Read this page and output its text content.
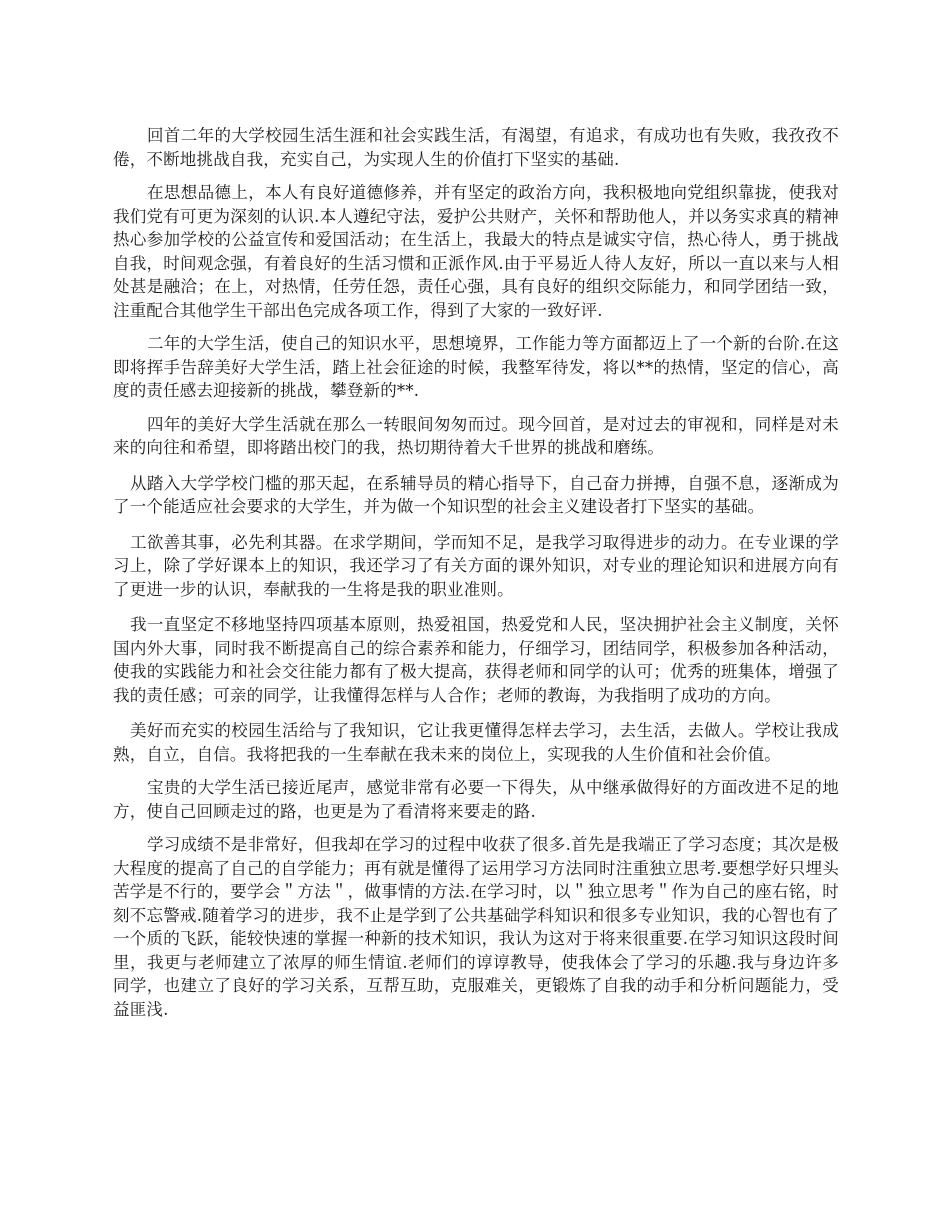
回首二年的大学校园生活生涯和社会实践生活，有渴望，有追求，有成功也有失败，我孜孜不倦，不断地挑战自我，充实自己，为实现人生的价值打下坚实的基础.

在思想品德上，本人有良好道德修养，并有坚定的政治方向，我积极地向党组织靠拢，使我对我们党有可更为深刻的认识.本人遵纪守法，爱护公共财产，关怀和帮助他人，并以务实求真的精神热心参加学校的公益宣传和爱国活动；在生活上，我最大的特点是诚实守信，热心待人，勇于挑战自我，时间观念强，有着良好的生活习惯和正派作风.由于平易近人待人友好，所以一直以来与人相处甚是融洽；在上，对热情，任劳任怨，责任心强，具有良好的组织交际能力，和同学团结一致，注重配合其他学生干部出色完成各项工作，得到了大家的一致好评.

二年的大学生活，使自己的知识水平，思想境界，工作能力等方面都迈上了一个新的台阶.在这即将挥手告辞美好大学生活，踏上社会征途的时候，我整军待发，将以**的热情，坚定的信心，高度的责任感去迎接新的挑战，攀登新的**.

四年的美好大学生活就在那么一转眼间匆匆而过。现今回首，是对过去的审视和，同样是对未来的向往和希望，即将踏出校门的我，热切期待着大千世界的挑战和磨练。

从踏入大学学校门槛的那天起，在系辅导员的精心指导下，自己奋力拼搏，自强不息，逐渐成为了一个能适应社会要求的大学生，并为做一个知识型的社会主义建设者打下坚实的基础。

工欲善其事，必先利其器。在求学期间，学而知不足，是我学习取得进步的动力。在专业课的学习上，除了学好课本上的知识，我还学习了有关方面的课外知识，对专业的理论知识和进展方向有了更进一步的认识，奉献我的一生将是我的职业准则。

我一直坚定不移地坚持四项基本原则，热爱祖国，热爱党和人民，坚决拥护社会主义制度，关怀国内外大事，同时我不断提高自己的综合素养和能力，仔细学习，团结同学，积极参加各种活动，使我的实践能力和社会交往能力都有了极大提高，获得老师和同学的认可；优秀的班集体，增强了我的责任感；可亲的同学，让我懂得怎样与人合作；老师的教诲，为我指明了成功的方向。

美好而充实的校园生活给与了我知识，它让我更懂得怎样去学习，去生活，去做人。学校让我成熟，自立，自信。我将把我的一生奉献在我未来的岗位上，实现我的人生价值和社会价值。

宝贵的大学生活已接近尾声，感觉非常有必要一下得失，从中继承做得好的方面改进不足的地方，使自己回顾走过的路，也更是为了看清将来要走的路.

学习成绩不是非常好，但我却在学习的过程中收获了很多.首先是我端正了学习态度；其次是极大程度的提高了自己的自学能力；再有就是懂得了运用学习方法同时注重独立思考.要想学好只埋头苦学是不行的，要学会＂方法＂，做事情的方法.在学习时，以＂独立思考＂作为自己的座右铭，时刻不忘警戒.随着学习的进步，我不止是学到了公共基础学科知识和很多专业知识，我的心智也有了一个质的飞跃，能较快速的掌握一种新的技术知识，我认为这对于将来很重要.在学习知识这段时间里，我更与老师建立了浓厚的师生情谊.老师们的谆谆教导，使我体会了学习的乐趣.我与身边许多同学，也建立了良好的学习关系，互帮互助，克服难关，更锻炼了自我的动手和分析问题能力，受益匪浅.
